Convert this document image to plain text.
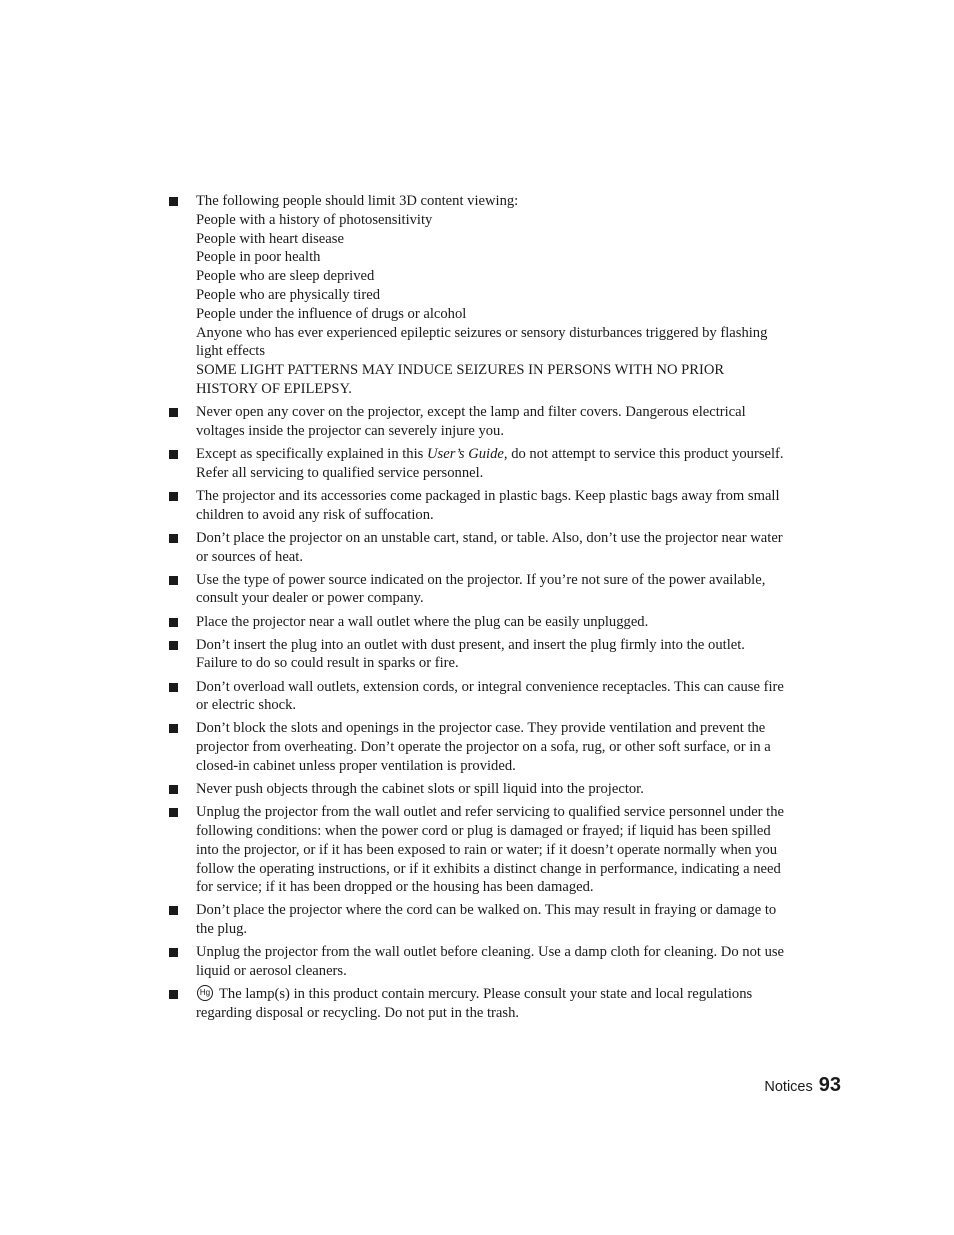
The following people should limit 3D content viewing:
People with a history of photosensitivity
People with heart disease
People in poor health
People who are sleep deprived
People who are physically tired
People under the influence of drugs or alcohol
Anyone who has ever experienced epileptic seizures or sensory disturbances triggered by flashing light effects
SOME LIGHT PATTERNS MAY INDUCE SEIZURES IN PERSONS WITH NO PRIOR HISTORY OF EPILEPSY.
Never open any cover on the projector, except the lamp and filter covers. Dangerous electrical voltages inside the projector can severely injure you.
Except as specifically explained in this User’s Guide, do not attempt to service this product yourself. Refer all servicing to qualified service personnel.
The projector and its accessories come packaged in plastic bags. Keep plastic bags away from small children to avoid any risk of suffocation.
Don’t place the projector on an unstable cart, stand, or table. Also, don’t use the projector near water or sources of heat.
Use the type of power source indicated on the projector. If you’re not sure of the power available, consult your dealer or power company.
Place the projector near a wall outlet where the plug can be easily unplugged.
Don’t insert the plug into an outlet with dust present, and insert the plug firmly into the outlet. Failure to do so could result in sparks or fire.
Don’t overload wall outlets, extension cords, or integral convenience receptacles. This can cause fire or electric shock.
Don’t block the slots and openings in the projector case. They provide ventilation and prevent the projector from overheating. Don’t operate the projector on a sofa, rug, or other soft surface, or in a closed-in cabinet unless proper ventilation is provided.
Never push objects through the cabinet slots or spill liquid into the projector.
Unplug the projector from the wall outlet and refer servicing to qualified service personnel under the following conditions: when the power cord or plug is damaged or frayed; if liquid has been spilled into the projector, or if it has been exposed to rain or water; if it doesn’t operate normally when you follow the operating instructions, or if it exhibits a distinct change in performance, indicating a need for service; if it has been dropped or the housing has been damaged.
Don’t place the projector where the cord can be walked on. This may result in fraying or damage to the plug.
Unplug the projector from the wall outlet before cleaning. Use a damp cloth for cleaning. Do not use liquid or aerosol cleaners.
Hg The lamp(s) in this product contain mercury. Please consult your state and local regulations regarding disposal or recycling. Do not put in the trash.
Notices 93
